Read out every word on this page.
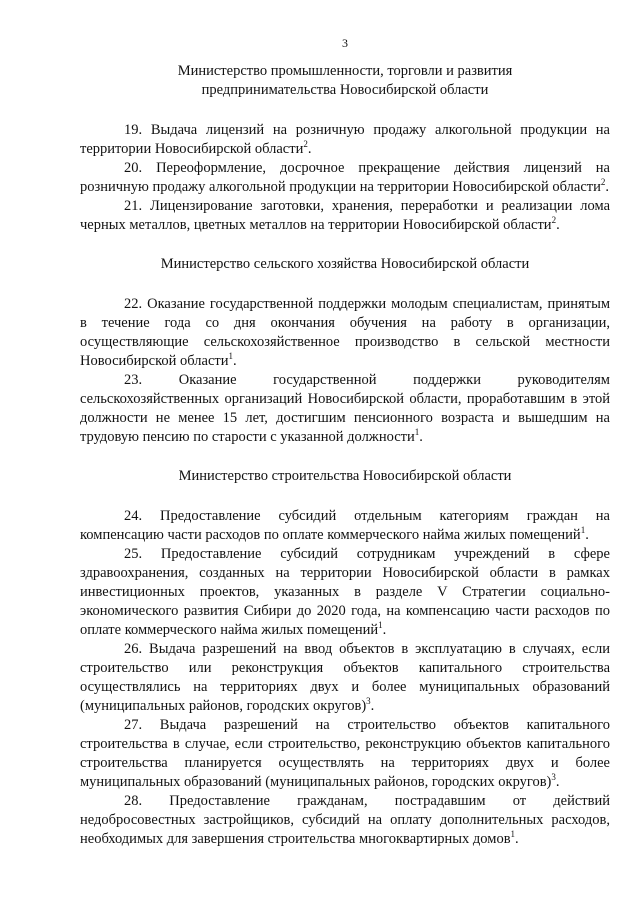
3

Министерство промышленности, торговли и развития

предпринимательства Новосибирской области

19. Выдача лицензий на розничную продажу алкогольной продукции на территории Новосибирской области$^2$.

20. Переоформление, досрочное прекращение действия лицензий на розничную продажу алкогольной продукции на территории Новосибирской области$^2$.

21. Лицензирование заготовки, хранения, переработки и реализации лома черных металлов, цветных металлов на территории Новосибирской области$^2$.

Министерство сельского хозяйства Новосибирской области

22. Оказание государственной поддержки молодым специалистам, принятым в течение года со дня окончания обучения на работу в организации, осуществляющие сельскохозяйственное производство в сельской местности Новосибирской области$^1$.

23. Оказание государственной поддержки руководителям сельскохозяйственных организаций Новосибирской области, проработавшим в этой должности не менее 15 лет, достигшим пенсионного возраста и вышедшим на трудовую пенсию по старости с указанной должности$^1$.

Министерство строительства Новосибирской области

24. Предоставление субсидий отдельным категориям граждан на компенсацию части расходов по оплате коммерческого найма жилых помещений$^1$.

25. Предоставление субсидий сотрудникам учреждений в сфере здравоохранения, созданных на территории Новосибирской области в рамках инвестиционных проектов, указанных в разделе V Стратегии социально-экономического развития Сибири до 2020 года, на компенсацию части расходов по оплате коммерческого найма жилых помещений$^1$.

26. Выдача разрешений на ввод объектов в эксплуатацию в случаях, если строительство или реконструкция объектов капитального строительства осуществлялись на территориях двух и более муниципальных образований (муниципальных районов, городских округов)$^3$.

27. Выдача разрешений на строительство объектов капитального строительства в случае, если строительство, реконструкцию объектов капитального строительства планируется осуществлять на территориях двух и более муниципальных образований (муниципальных районов, городских округов)$^3$.

28. Предоставление гражданам, пострадавшим от действий недобросовестных застройщиков, субсидий на оплату дополнительных расходов, необходимых для завершения строительства многоквартирных домов$^1$.
